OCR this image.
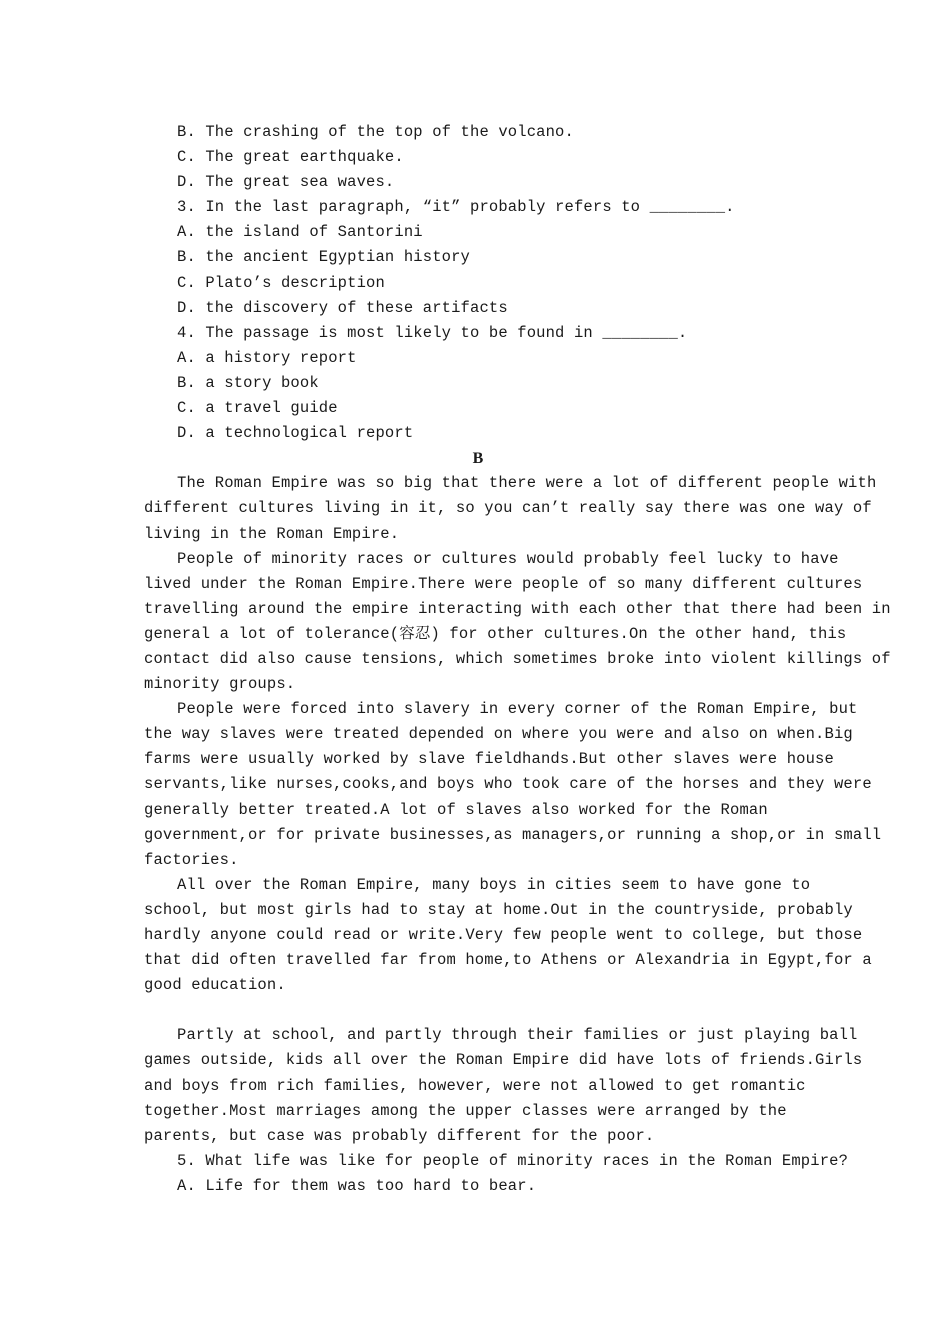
B. The crashing of the top of the volcano.
C. The great earthquake.
D. The great sea waves.
3. In the last paragraph, “it” probably refers to ________.
A. the island of Santorini
B. the ancient Egyptian history
C. Plato’s description
D. the discovery of these artifacts
4. The passage is most likely to be found in ________.
A. a history report
B. a story book
C. a travel guide
D. a technological report
B
The Roman Empire was so big that there were a lot of different people with
different cultures living in it, so you can’t really say there was one way of
living in the Roman Empire.
People of minority races or cultures would probably feel lucky to have
lived under the Roman Empire.There were people of so many different cultures
travelling around the empire interacting with each other that there had been in
general a lot of tolerance(容忍) for other cultures.On the other hand, this
contact did also cause tensions, which sometimes broke into violent killings of
minority groups.
People were forced into slavery in every corner of the Roman Empire, but
the way slaves were treated depended on where you were and also on when.Big
farms were usually worked by slave fieldhands.But other slaves were house
servants,like nurses,cooks,and boys who took care of the horses and they were
generally better treated.A lot of slaves also worked for the Roman
government,or for private businesses,as managers,or running a shop,or in small
factories.
All over the Roman Empire, many boys in cities seem to have gone to
school, but most girls had to stay at home.Out in the countryside, probably
hardly anyone could read or write.Very few people went to college, but those
that did often travelled far from home,to Athens or Alexandria in Egypt,for a
good education.
Partly at school, and partly through their families or just playing ball
games outside, kids all over the Roman Empire did have lots of friends.Girls
and boys from rich families, however, were not allowed to get romantic
together.Most marriages among the upper classes were arranged by the
parents, but case was probably different for the poor.
5. What life was like for people of minority races in the Roman Empire?
A. Life for them was too hard to bear.
